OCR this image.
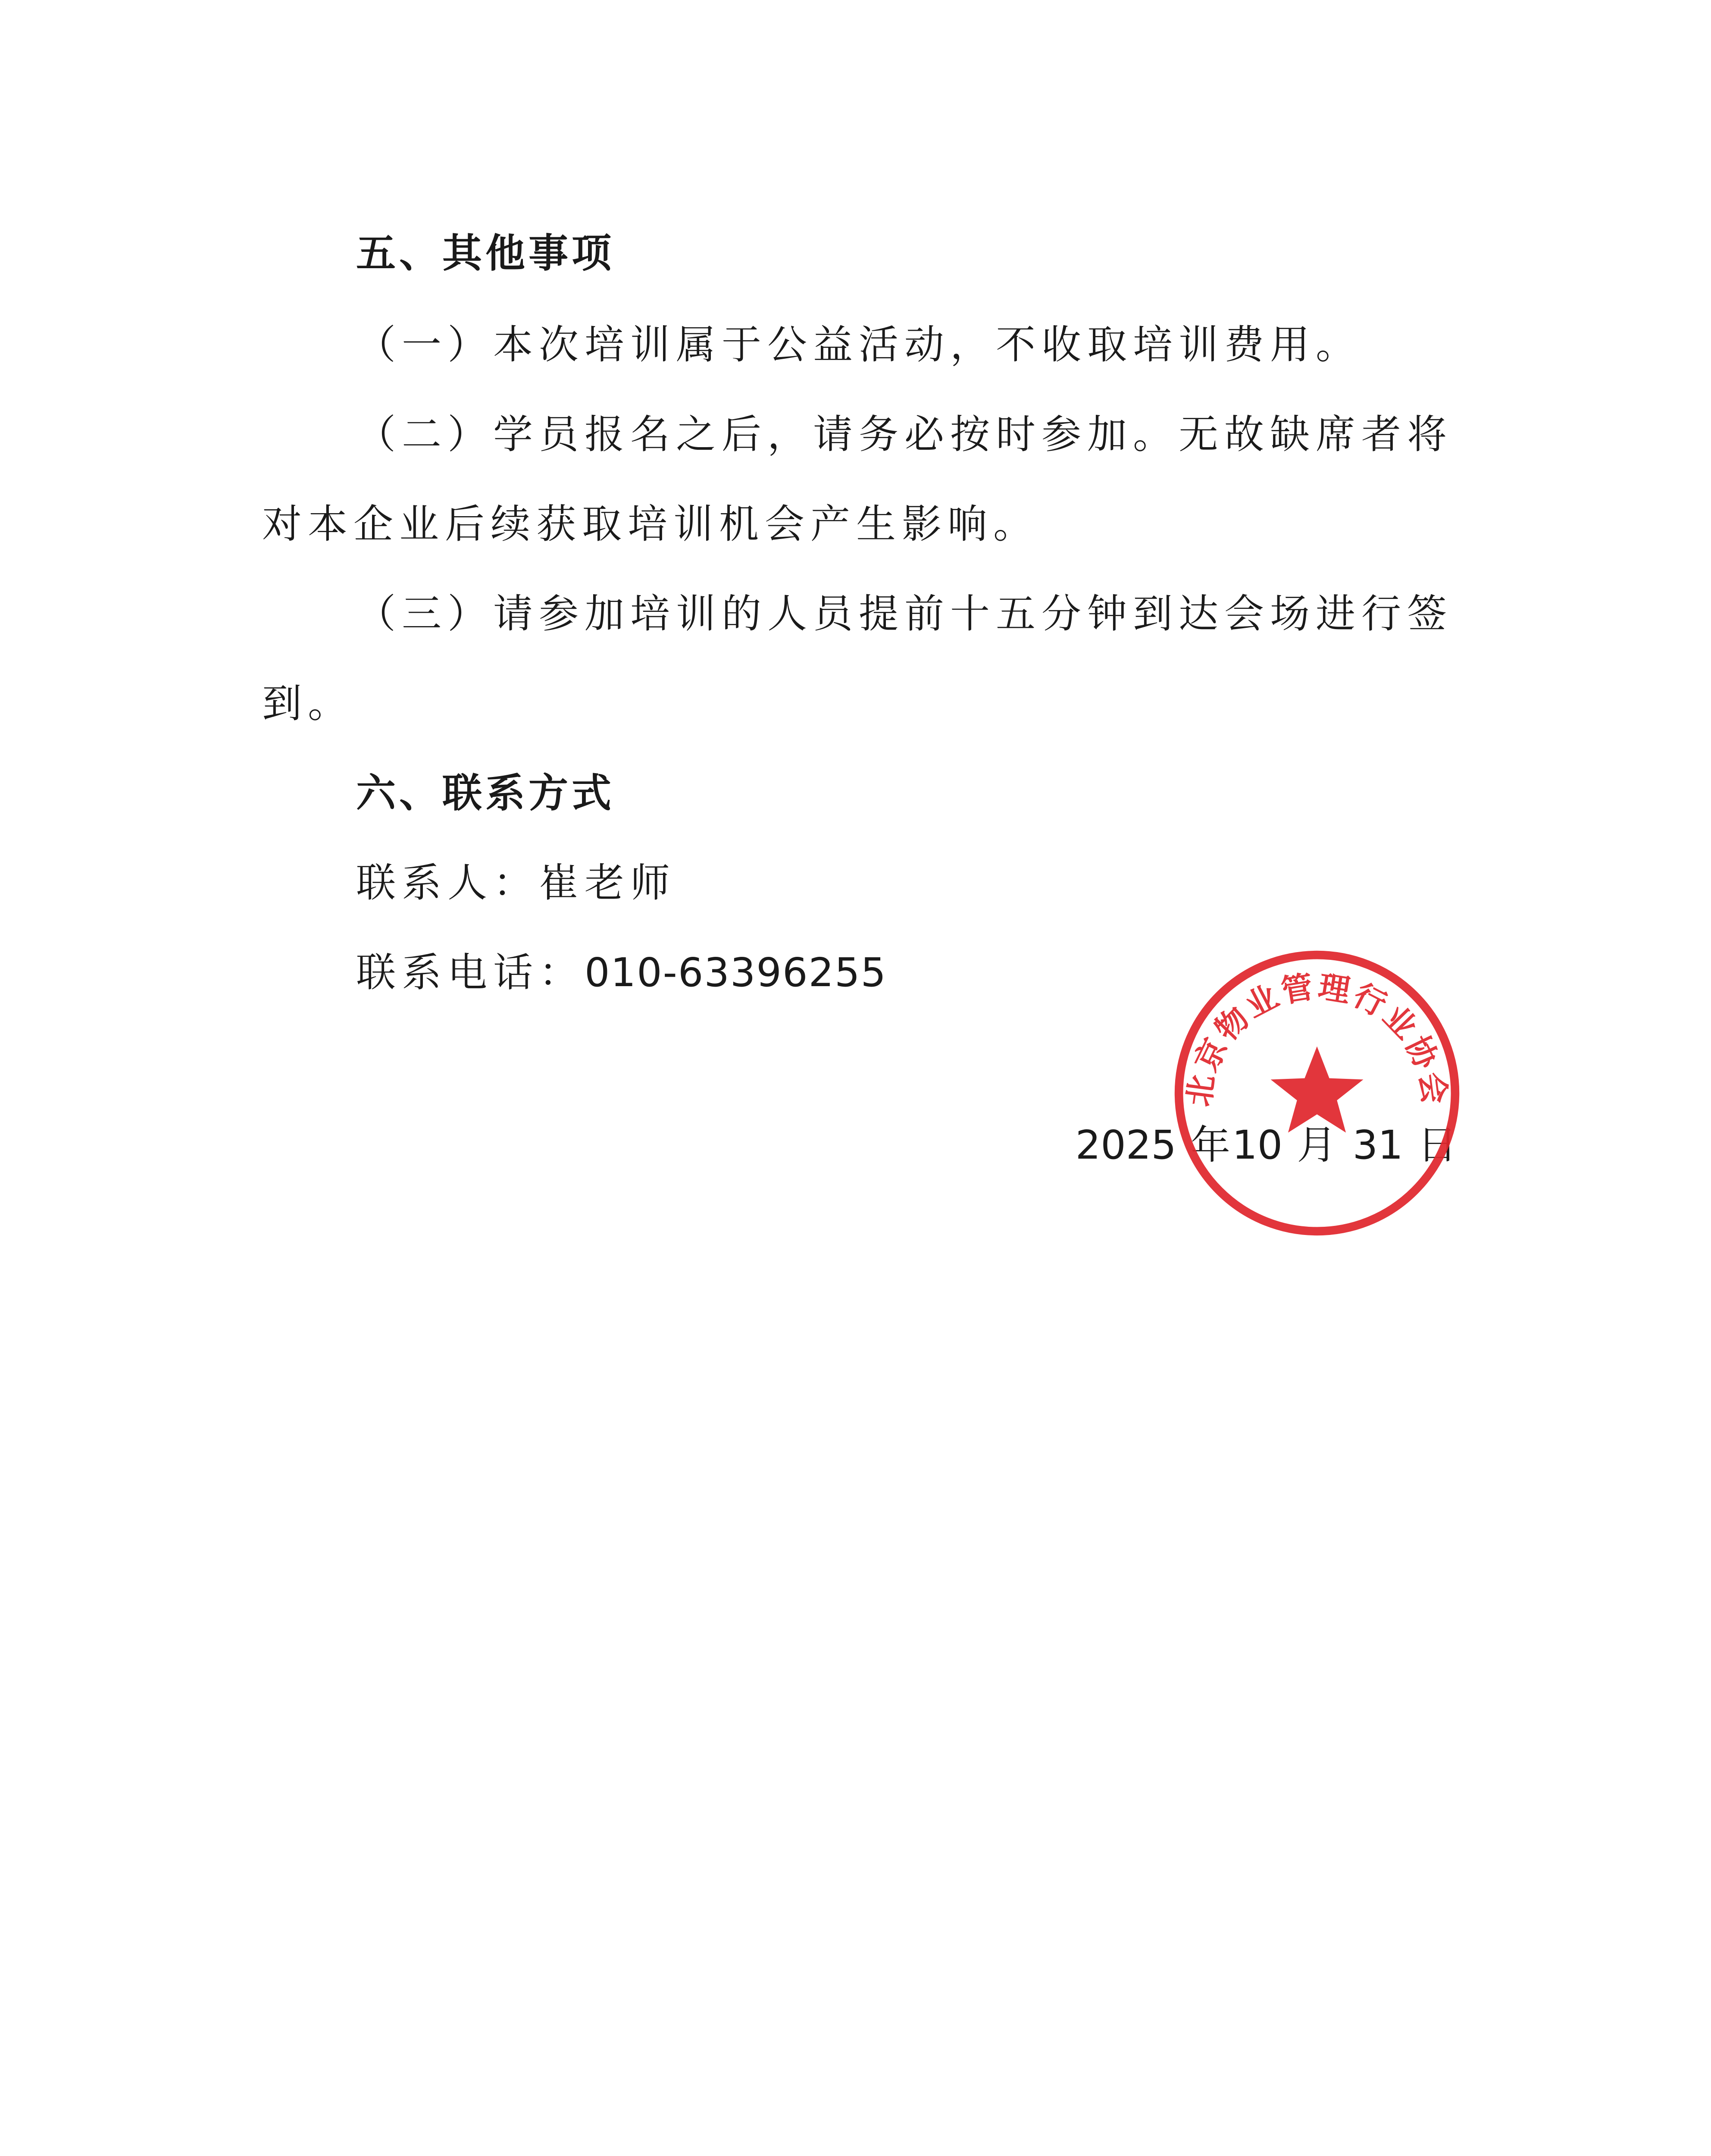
五、其他事项
（一）本次培训属于公益活动，不收取培训费用。
（二）学员报名之后，请务必按时参加。无故缺席者将
对本企业后续获取培训机会产生影响。
（三）请参加培训的人员提前十五分钟到达会场进行签
到。
六、联系方式
联系人：崔老师
联系电话：010-63396255
2025 年10 月 31 日
北京物业管理行业协会
